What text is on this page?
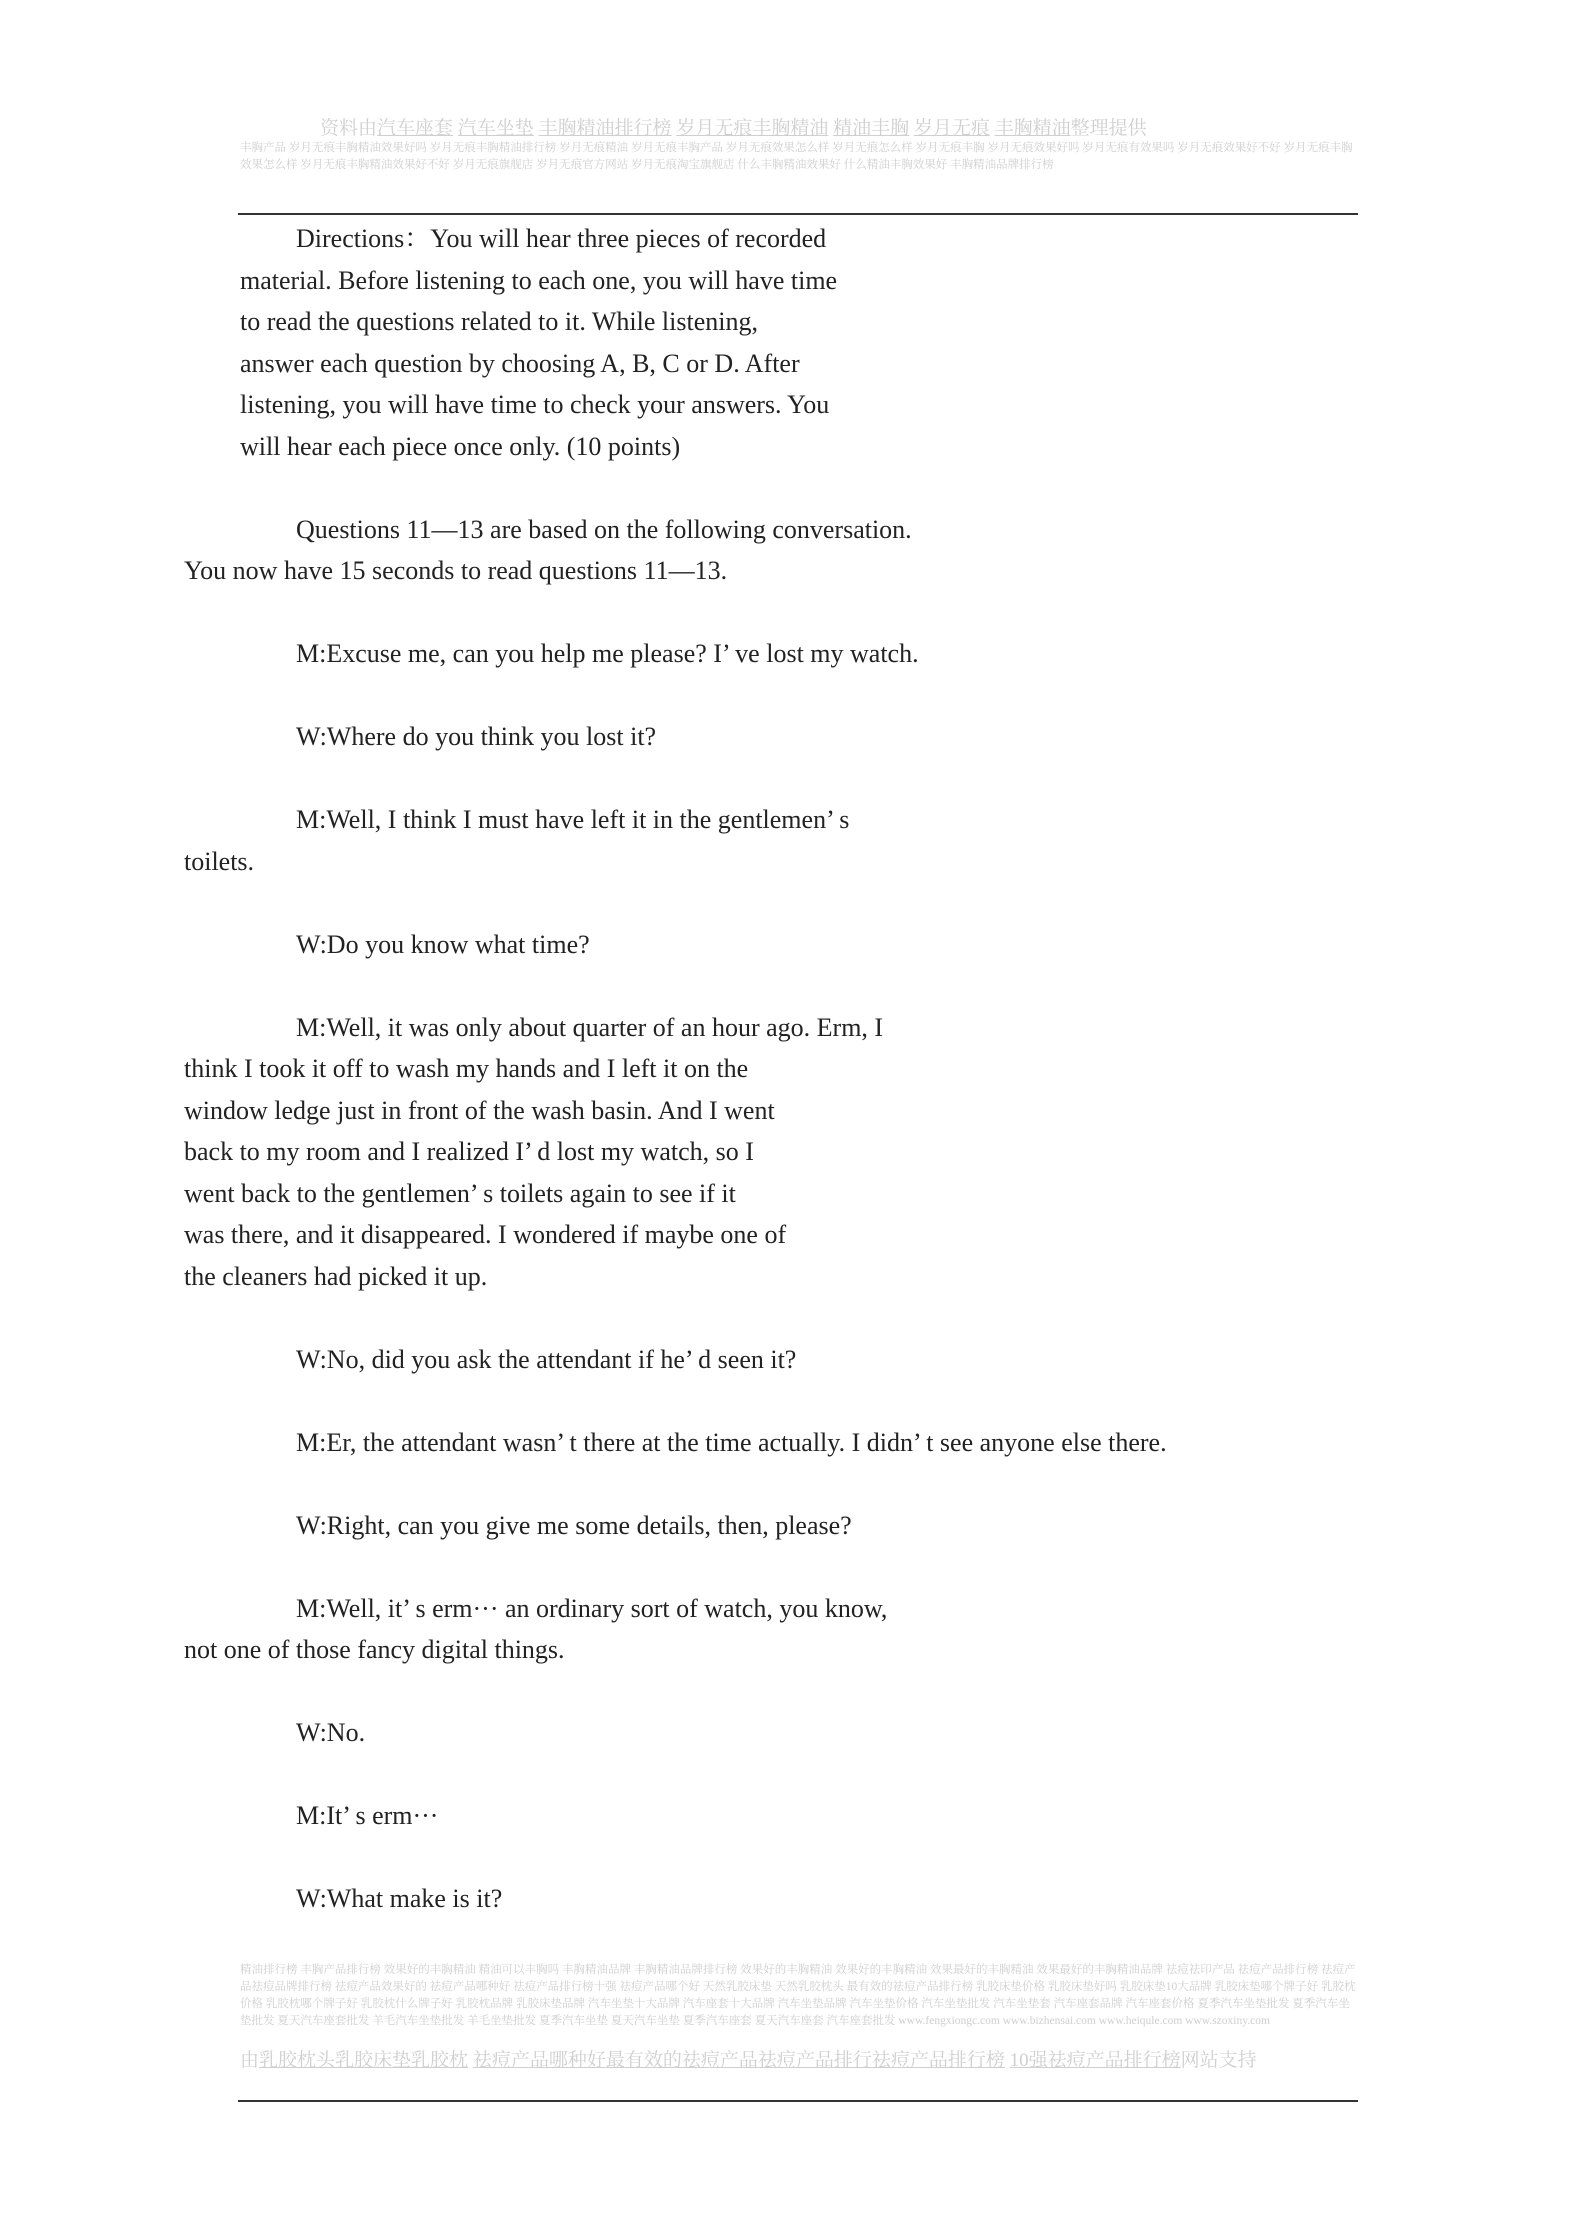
资料由汽车座套 汽车坐垫 丰胸精油排行榜 岁月无痕丰胸精油 精油丰胸 岁月无痕 丰胸精油整理提供
丰胸产品 岁月无痕丰胸精油效果好吗 岁月无痕丰胸精油排行榜 岁月无痕精油 岁月无痕丰胸产品 岁月无痕效果怎么样 岁月无痕怎么样 岁月无痕丰胸 岁月无痕效果好吗 岁月无痕有效果吗 岁月无痕效果好不好 岁月无痕丰胸效果怎么样 岁月无痕丰胸精油效果好不好 岁月无痕旗舰店 岁月无痕官方网站 岁月无痕淘宝旗舰店 什么丰胸精油效果好 什么精油丰胸效果好 丰胸精油品牌排行榜

Directions：You will hear three pieces of recorded
material. Before listening to each one, you will have time
to read the questions related to it. While listening,
answer each question by choosing A, B, C or D. After
listening, you will have time to check your answers. You
will hear each piece once only. (10 points)

Questions 11—13 are based on the following conversation.
You now have 15 seconds to read questions 11—13.

M:Excuse me, can you help me please? I’ ve lost my watch.

W:Where do you think you lost it?

M:Well, I think I must have left it in the gentlemen’ s
toilets.

W:Do you know what time?

M:Well, it was only about quarter of an hour ago. Erm, I
think I took it off to wash my hands and I left it on the
window ledge just in front of the wash basin. And I went
back to my room and I realized I’ d lost my watch, so I
went back to the gentlemen’ s toilets again to see if it
was there, and it disappeared. I wondered if maybe one of
the cleaners had picked it up.

W:No, did you ask the attendant if he’ d seen it?

M:Er, the attendant wasn’ t there at the time actually. I didn’ t see anyone else there.

W:Right, can you give me some details, then, please?

M:Well, it’ s erm··· an ordinary sort of watch, you know,
not one of those fancy digital things.

W:No.

M:It’ s erm···

W:What make is it?

精油排行榜 丰胸产品排行榜 效果好的丰胸精油 精油可以丰胸吗 丰胸精油品牌 丰胸精油品牌排行榜 效果好的丰胸精油 效果好的丰胸精油 效果最好的丰胸精油 效果最好的丰胸精油品牌 祛痘祛印产品 祛痘产品排行榜 祛痘产品祛痘品牌排行榜 祛痘产品效果好的 祛痘产品哪种好 祛痘产品排行榜十强 祛痘产品哪个好 天然乳胶床垫 天然乳胶枕头 最有效的祛痘产品排行榜 乳胶床垫价格 乳胶床垫好吗 乳胶床垫10大品牌 乳胶床垫哪个牌子好 乳胶枕价格 乳胶枕哪个牌子好 乳胶枕什么牌子好 乳胶枕品牌 乳胶床垫品牌 汽车坐垫十大品牌 汽车座套十大品牌 汽车坐垫品牌 汽车坐垫价格 汽车坐垫批发 汽车坐垫套 汽车座套品牌 汽车座套价格 夏季汽车坐垫批发 夏季汽车坐垫批发 夏天汽车座套批发 羊毛汽车坐垫批发 羊毛坐垫批发 夏季汽车坐垫 夏天汽车坐垫 夏季汽车座套 夏天汽车座套 汽车座套批发 www.fengxiongc.com www.bizhensai.com www.heiqule.com www.szoxiny.com
由乳胶枕头乳胶床垫乳胶枕 祛痘产品哪种好最有效的祛痘产品祛痘产品排行祛痘产品排行榜 10强祛痘产品排行榜网站支持
